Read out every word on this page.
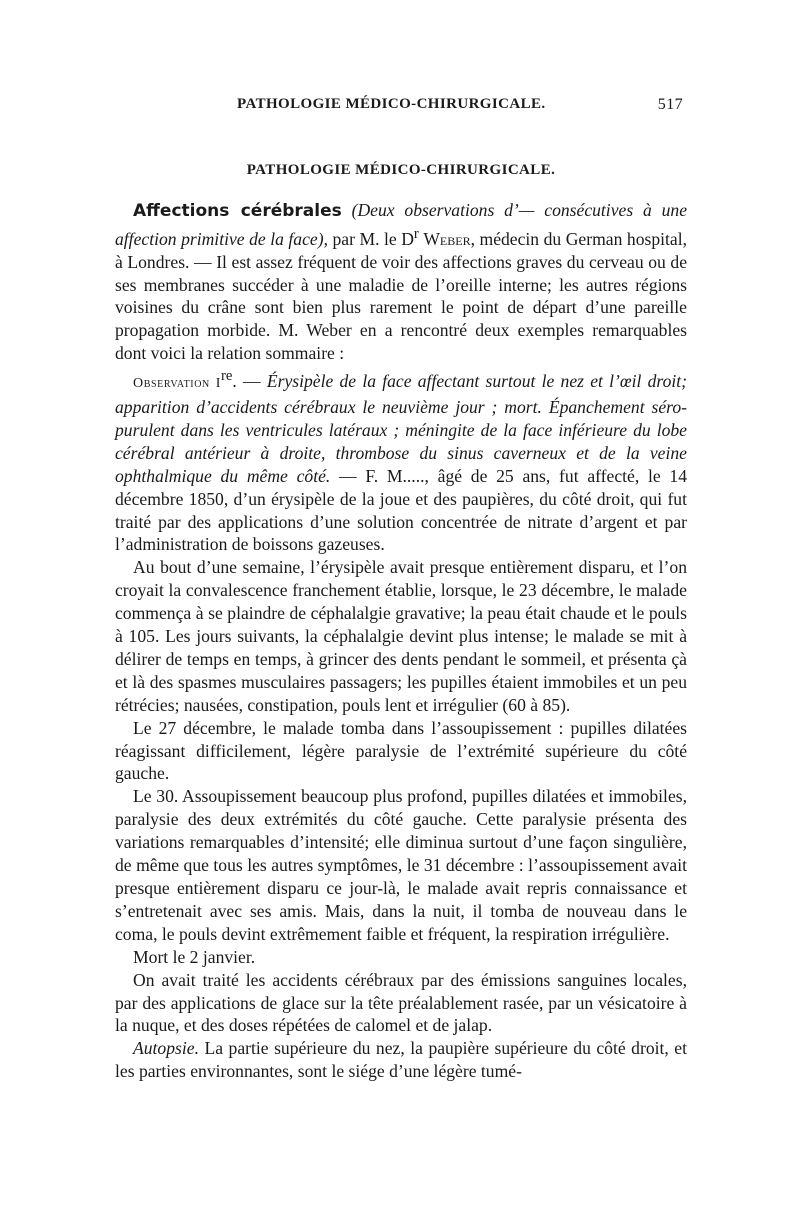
PATHOLOGIE MÉDICO-CHIRURGICALE.	517
PATHOLOGIE MÉDICO-CHIRURGICALE.

Affections cérébrales (Deux observations d’— consécutives à une affection primitive de la face), par M. le $D^r$ Weber, médecin du German hospital, à Londres. — Il est assez fréquent de voir des affections graves du cerveau ou de ses membranes succéder à une maladie de l’oreille interne; les autres régions voisines du crâne sont bien plus rarement le point de départ d’une pareille propagation morbide. M. Weber en a rencontré deux exemples remarquables dont voici la relation sommaire :

Observation Ire. — Érysipèle de la face affectant surtout le nez et l’œil droit; apparition d’accidents cérébraux le neuvième jour ; mort. Épanchement séro-purulent dans les ventricules latéraux ; méningite de la face inférieure du lobe cérébral antérieur à droite, thrombose du sinus caverneux et de la veine ophthalmique du même côté. — F. M....., âgé de 25 ans, fut affecté, le 14 décembre 1850, d’un érysipèle de la joue et des paupières, du côté droit, qui fut traité par des applications d’une solution concentrée de nitrate d’argent et par l’administration de boissons gazeuses.

Au bout d’une semaine, l’érysipèle avait presque entièrement disparu, et l’on croyait la convalescence franchement établie, lorsque, le 23 décembre, le malade commença à se plaindre de céphalalgie gravative; la peau était chaude et le pouls à 105. Les jours suivants, la céphalalgie devint plus intense; le malade se mit à délirer de temps en temps, à grincer des dents pendant le sommeil, et présenta çà et là des spasmes musculaires passagers; les pupilles étaient immobiles et un peu rétrécies; nausées, constipation, pouls lent et irrégulier (60 à 85).

Le 27 décembre, le malade tomba dans l’assoupissement : pupilles dilatées réagissant difficilement, légère paralysie de l’extrémité supérieure du côté gauche.

Le 30. Assoupissement beaucoup plus profond, pupilles dilatées et immobiles, paralysie des deux extrémités du côté gauche. Cette paralysie présenta des variations remarquables d’intensité; elle diminua surtout d’une façon singulière, de même que tous les autres symptômes, le 31 décembre : l’assoupissement avait presque entièrement disparu ce jour-là, le malade avait repris connaissance et s’entretenait avec ses amis. Mais, dans la nuit, il tomba de nouveau dans le coma, le pouls devint extrêmement faible et fréquent, la respiration irrégulière.

Mort le 2 janvier.

On avait traité les accidents cérébraux par des émissions sanguines locales, par des applications de glace sur la tête préalablement rasée, par un vésicatoire à la nuque, et des doses répétées de calomel et de jalap.

Autopsie. La partie supérieure du nez, la paupière supérieure du côté droit, et les parties environnantes, sont le siége d’une légère tumé-
